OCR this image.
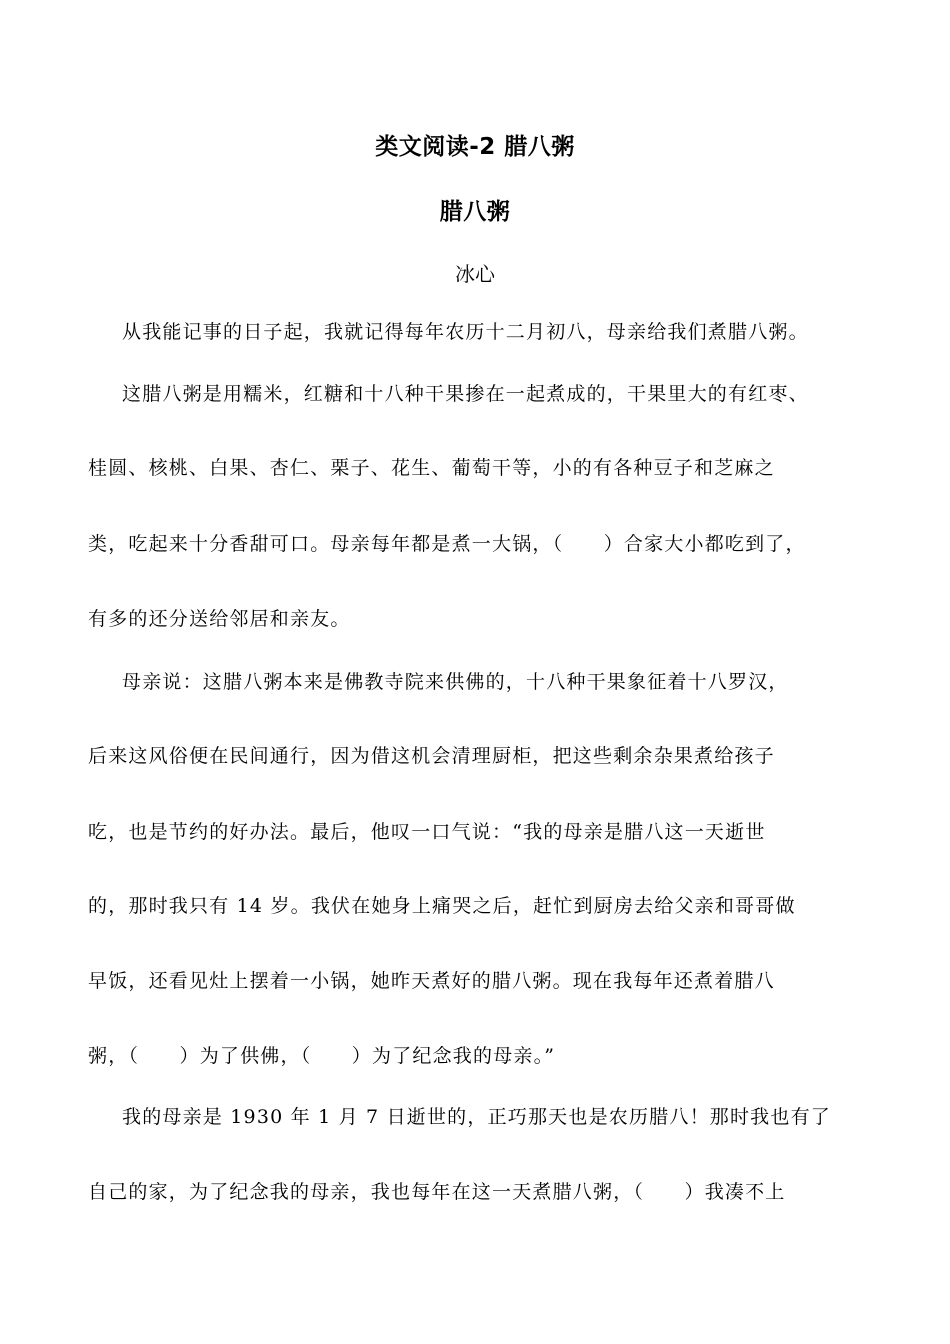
类文阅读-2 腊八粥
腊八粥
冰心
从我能记事的日子起，我就记得每年农历十二月初八，母亲给我们煮腊八粥。
这腊八粥是用糯米，红糖和十八种干果掺在一起煮成的，干果里大的有红枣、
桂圆、核桃、白果、杏仁、栗子、花生、葡萄干等，小的有各种豆子和芝麻之
类，吃起来十分香甜可口。母亲每年都是煮一大锅，（　　）合家大小都吃到了，
有多的还分送给邻居和亲友。
母亲说：这腊八粥本来是佛教寺院来供佛的，十八种干果象征着十八罗汉，
后来这风俗便在民间通行，因为借这机会清理厨柜，把这些剩余杂果煮给孩子
吃，也是节约的好办法。最后，他叹一口气说：“我的母亲是腊八这一天逝世
的，那时我只有 14 岁。我伏在她身上痛哭之后，赶忙到厨房去给父亲和哥哥做
早饭，还看见灶上摆着一小锅，她昨天煮好的腊八粥。现在我每年还煮着腊八
粥，（　　）为了供佛，（　　）为了纪念我的母亲。”
我的母亲是 1930 年 1 月 7 日逝世的，正巧那天也是农历腊八！那时我也有了
自己的家，为了纪念我的母亲，我也每年在这一天煮腊八粥，（　　）我凑不上
